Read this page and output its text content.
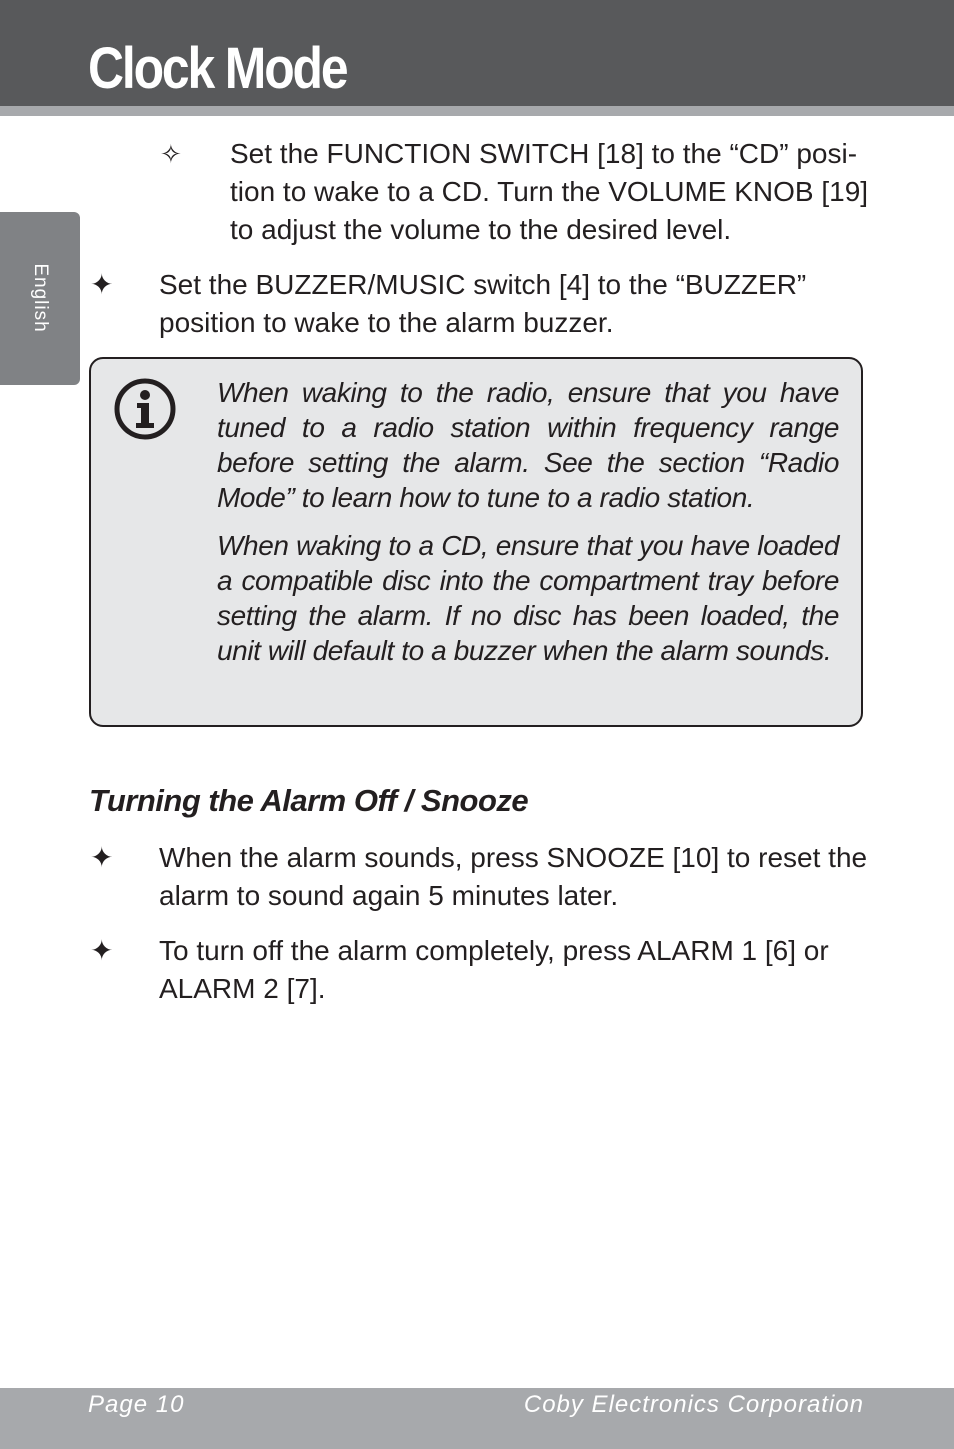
Clock Mode
English
✧ Set the FUNCTION SWITCH [18] to the “CD” posi-tion to wake to a CD. Turn the VOLUME KNOB [19] to adjust the volume to the desired level.

✦ Set the BUZZER/MUSIC switch [4] to the “BUZZER” position to wake to the alarm buzzer.

When waking to the radio, ensure that you have tuned to a radio station within frequency range before setting the alarm. See the section “Radio Mode” to learn how to tune to a radio station.

When waking to a CD, ensure that you have loaded a compatible disc into the compartment tray before setting the alarm. If no disc has been loaded, the unit will default to a buzzer when the alarm sounds.

Turning the Alarm Off / Snooze
✦ When the alarm sounds, press SNOOZE [10] to reset the alarm to sound again 5 minutes later.

✦ To turn off the alarm completely, press ALARM 1 [6] or ALARM 2 [7].

Page 10	Coby Electronics Corporation
